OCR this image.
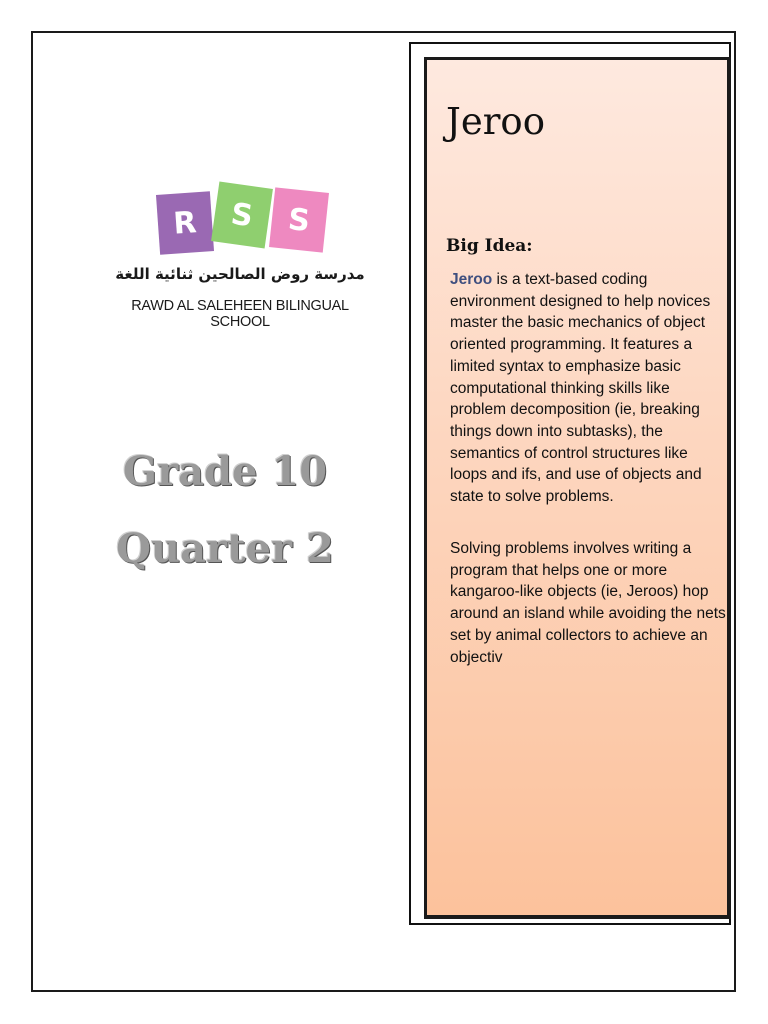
R	S	S
مدرسة روض الصالحين ثنائية اللغة
RAWD AL SALEHEEN BILINGUAL SCHOOL
Grade 10
Quarter 2
Jeroo
Big Idea:

Jeroo is a text-based coding environment designed to help novices master the basic mechanics of object oriented programming. It features a limited syntax to emphasize basic computational thinking skills like problem decomposition (ie, breaking things down into subtasks), the semantics of control structures like loops and ifs, and use of objects and state to solve problems.

Solving problems involves writing a program that helps one or more kangaroo-like objects (ie, Jeroos) hop around an island while avoiding the nets set by animal collectors to achieve an objectiv
